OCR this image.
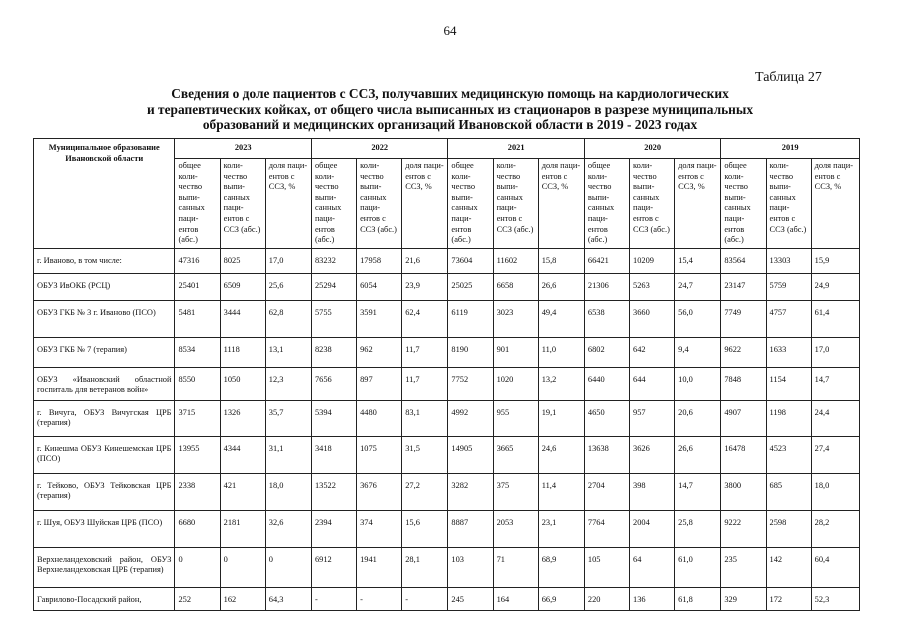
64
Таблица 27
Сведения о доле пациентов с ССЗ, получавших медицинскую помощь на кардиологических
и терапевтических койках, от общего числа выписанных из стационаров в разрезе муниципальных
образований и медицинских организаций Ивановской области в 2019 - 2023 годах
Муниципальное образование Ивановской области	2023			2022			2021			2020			2019		
	общее коли-чество выпи-санных паци-ентов (абс.)	коли-чество выпи-санных паци-ентов с ССЗ (абс.)	доля паци-ентов с ССЗ, %	общее коли-чество выпи-санных паци-ентов (абс.)	коли-чество выпи-санных паци-ентов с ССЗ (абс.)	доля паци-ентов с ССЗ, %	общее коли-чество выпи-санных паци-ентов (абс.)	коли-чество выпи-санных паци-ентов с ССЗ (абс.)	доля паци-ентов с ССЗ, %	общее коли-чество выпи-санных паци-ентов (абс.)	коли-чество выпи-санных паци-ентов с ССЗ (абс.)	доля паци-ентов с ССЗ, %	общее коли-чество выпи-санных паци-ентов (абс.)	коли-чество выпи-санных паци-ентов с ССЗ (абс.)	доля паци-ентов с ССЗ, %
г. Иваново, в том числе:	47316	8025	17,0	83232	17958	21,6	73604	11602	15,8	66421	10209	15,4	83564	13303	15,9
ОБУЗ ИвОКБ (РСЦ)	25401	6509	25,6	25294	6054	23,9	25025	6658	26,6	21306	5263	24,7	23147	5759	24,9
ОБУЗ ГКБ № 3 г. Иваново (ПСО)	5481	3444	62,8	5755	3591	62,4	6119	3023	49,4	6538	3660	56,0	7749	4757	61,4
ОБУЗ ГКБ № 7 (терапия)	8534	1118	13,1	8238	962	11,7	8190	901	11,0	6802	642	9,4	9622	1633	17,0
ОБУЗ «Ивановский областной госпиталь для ветеранов войн»	8550	1050	12,3	7656	897	11,7	7752	1020	13,2	6440	644	10,0	7848	1154	14,7
г. Вичуга, ОБУЗ Вичугская ЦРБ (терапия)	3715	1326	35,7	5394	4480	83,1	4992	955	19,1	4650	957	20,6	4907	1198	24,4
г. Кинешма ОБУЗ Кинешемская ЦРБ (ПСО)	13955	4344	31,1	3418	1075	31,5	14905	3665	24,6	13638	3626	26,6	16478	4523	27,4
г. Тейково, ОБУЗ Тейковская ЦРБ (терапия)	2338	421	18,0	13522	3676	27,2	3282	375	11,4	2704	398	14,7	3800	685	18,0
г. Шуя, ОБУЗ Шуйская ЦРБ (ПСО)	6680	2181	32,6	2394	374	15,6	8887	2053	23,1	7764	2004	25,8	9222	2598	28,2
Верхнеландеховский район, ОБУЗ Верхнеландеховская ЦРБ (терапия)	0	0	0	6912	1941	28,1	103	71	68,9	105	64	61,0	235	142	60,4
Гаврилово-Посадский район,	252	162	64,3	-	-	-	245	164	66,9	220	136	61,8	329	172	52,3
